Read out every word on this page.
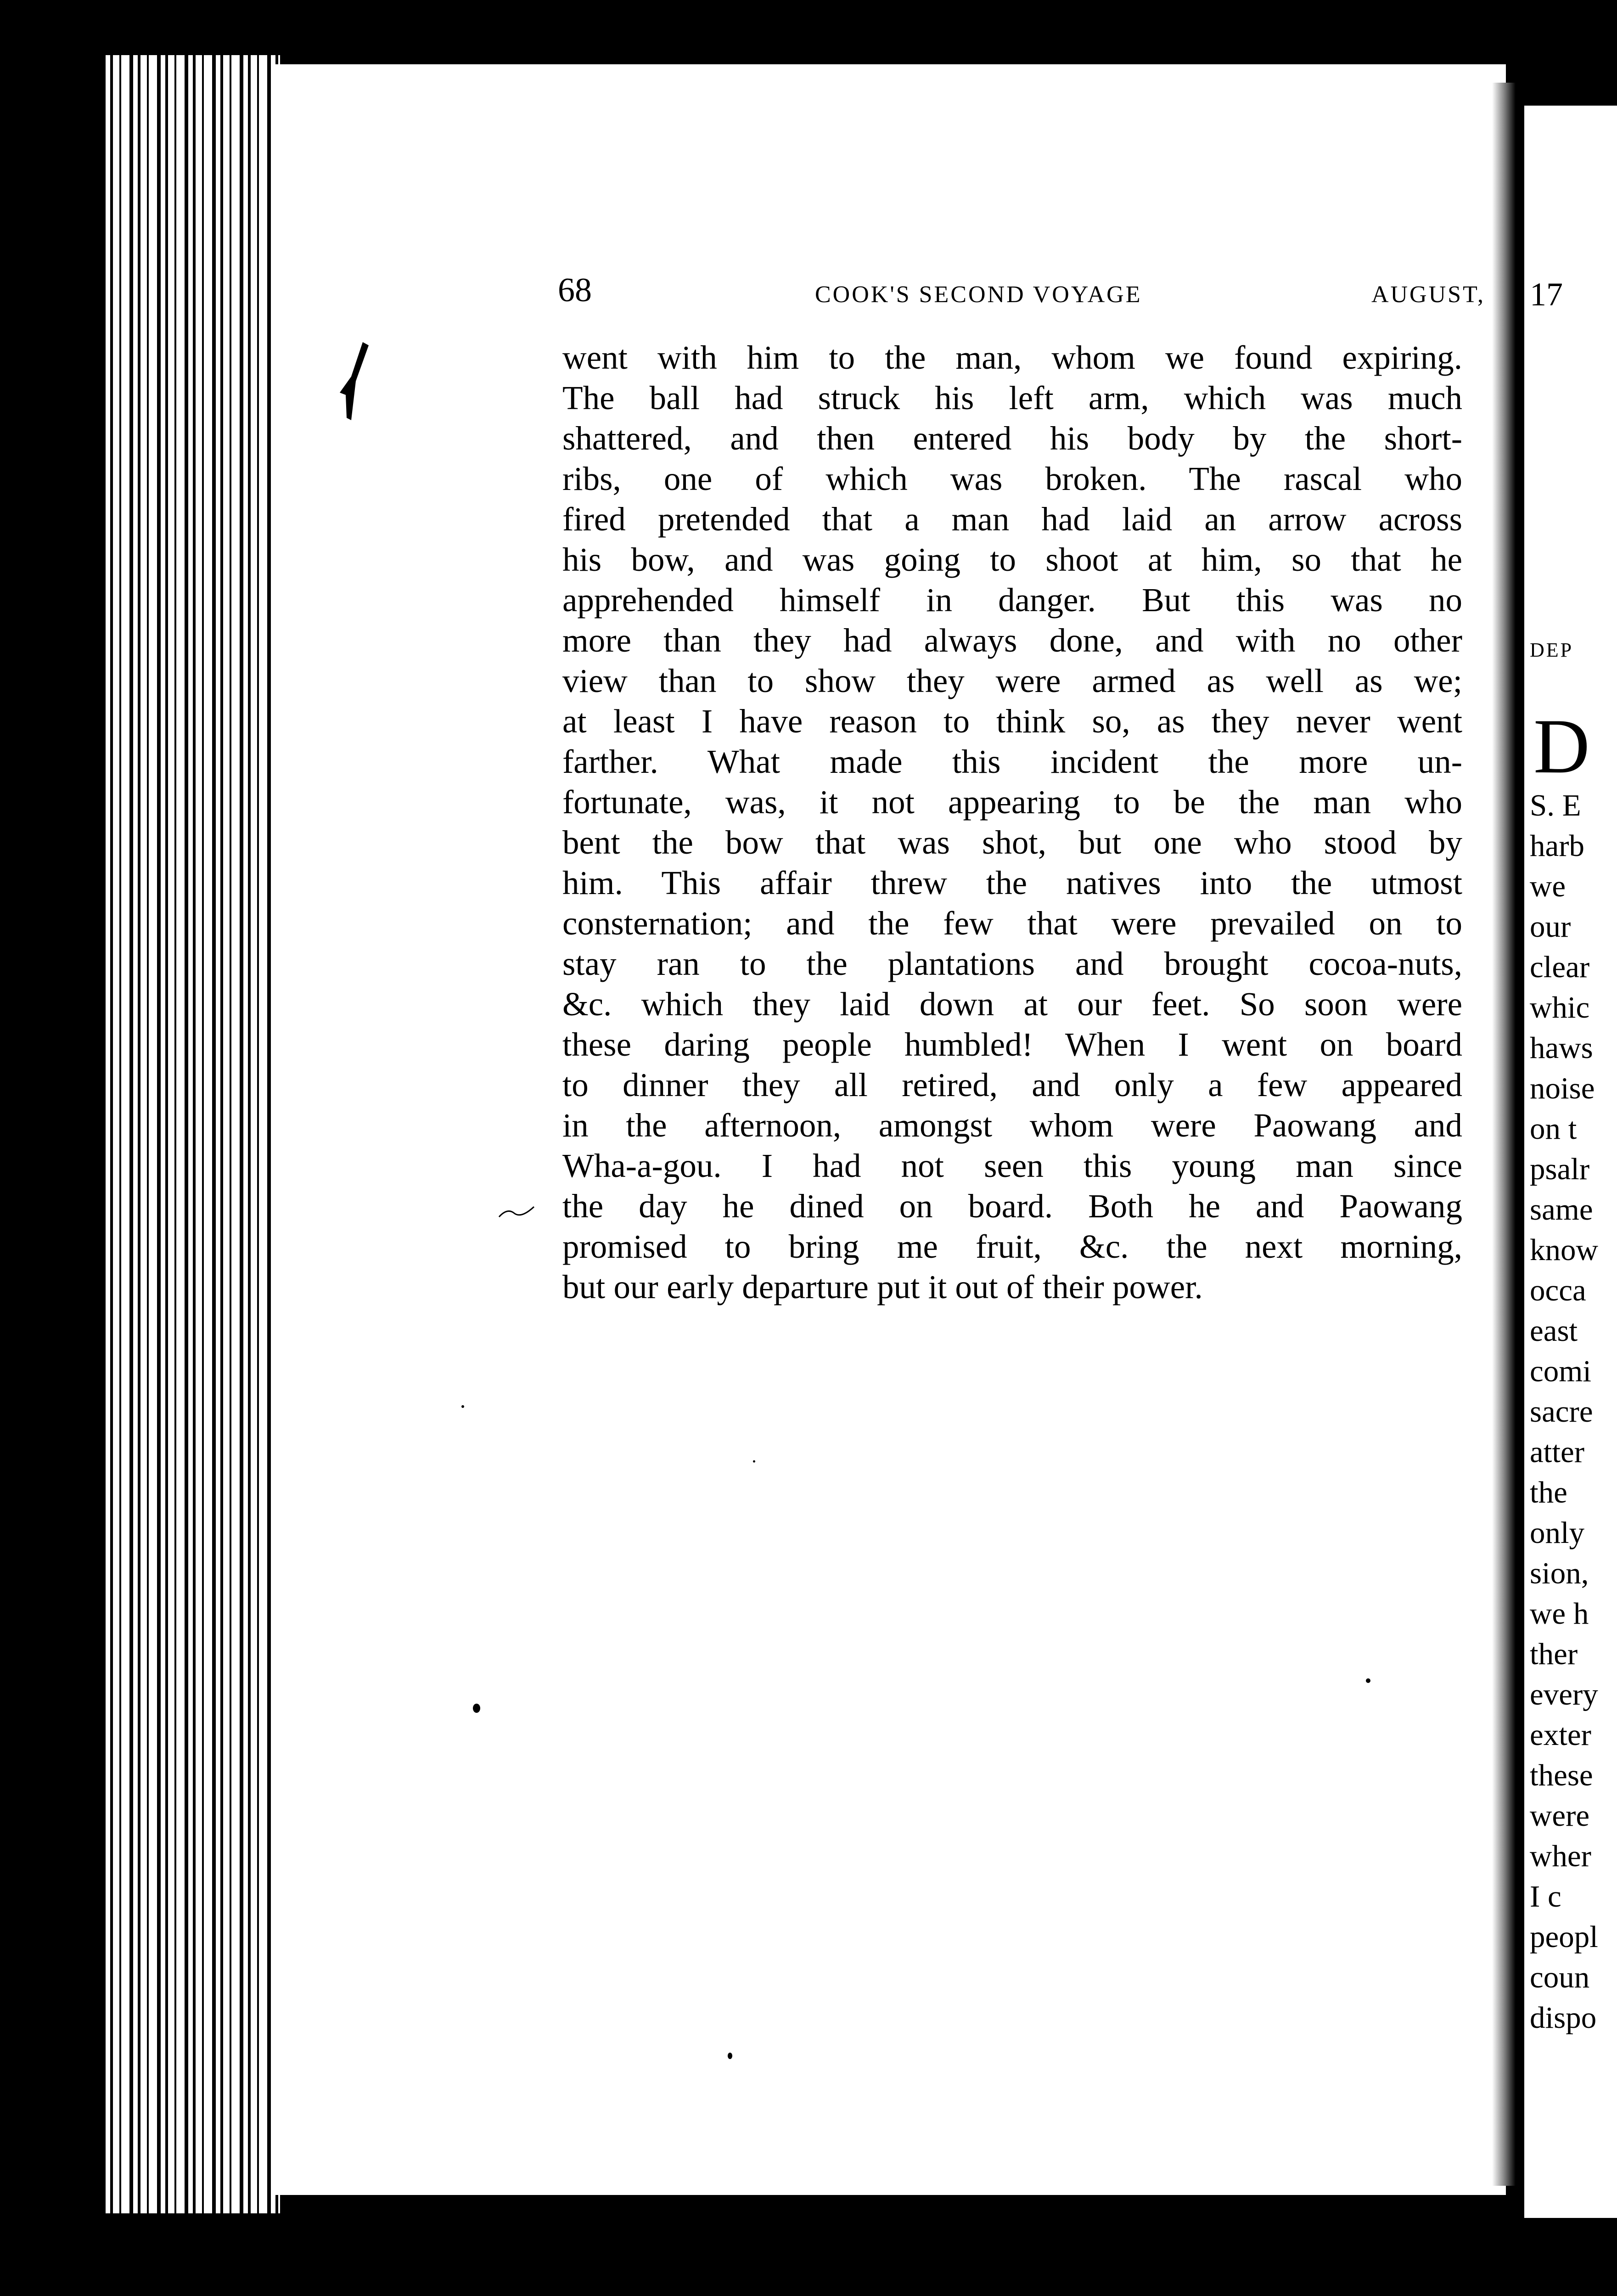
17
DEP
D
S. E
harb
we
our
clear
whic
haws
noise
on t
psalr
same
know
occa
east
comi
sacre
atter
the
only
sion,
we h
ther
every
exter
these
were
wher
I c
peopl
coun
dispo
68	COOK'S SECOND VOYAGE	AUGUST,
went with him to the man, whom we found expiring.
The ball had struck his left arm, which was much
shattered, and then entered his body by the short-
ribs, one of which was broken. The rascal who
fired pretended that a man had laid an arrow across
his bow, and was going to shoot at him, so that he
apprehended himself in danger. But this was no
more than they had always done, and with no other
view than to show they were armed as well as we;
at least I have reason to think so, as they never went
farther. What made this incident the more un-
fortunate, was, it not appearing to be the man who
bent the bow that was shot, but one who stood by
him. This affair threw the natives into the utmost
consternation; and the few that were prevailed on to
stay ran to the plantations and brought cocoa-nuts,
&c. which they laid down at our feet. So soon were
these daring people humbled! When I went on board
to dinner they all retired, and only a few appeared
in the afternoon, amongst whom were Paowang and
Wha-a-gou. I had not seen this young man since
the day he dined on board. Both he and Paowang
promised to bring me fruit, &c. the next morning,
but our early departure put it out of their power.
